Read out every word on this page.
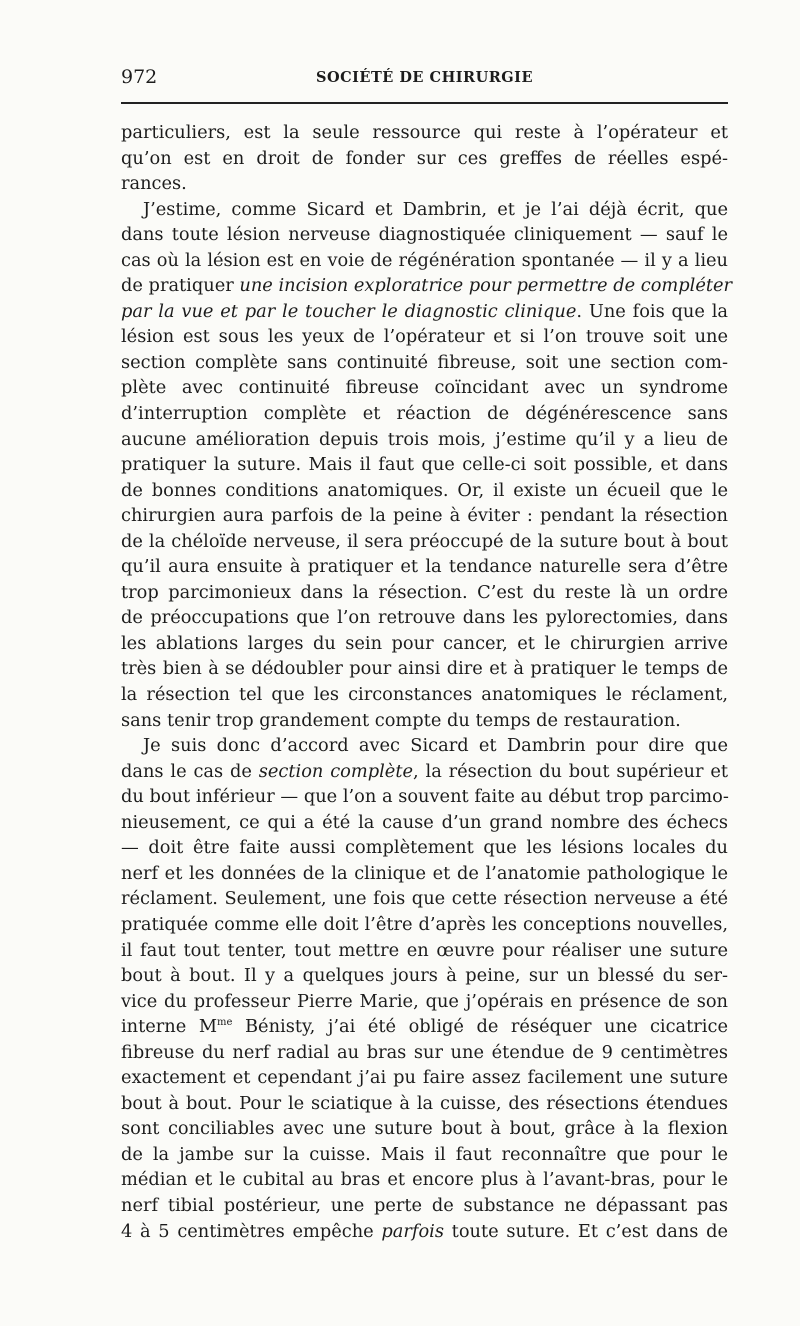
972	SOCIÉTÉ DE CHIRURGIE
particuliers, est la seule ressource qui reste à l’opérateur et
qu’on est en droit de fonder sur ces greffes de réelles espé-
rances.
J’estime, comme Sicard et Dambrin, et je l’ai déjà écrit, que
dans toute lésion nerveuse diagnostiquée cliniquement — sauf le
cas où la lésion est en voie de régénération spontanée — il y a lieu
de pratiquer une incision exploratrice pour permettre de compléter
par la vue et par le toucher le diagnostic clinique. Une fois que la
lésion est sous les yeux de l’opérateur et si l’on trouve soit une
section complète sans continuité fibreuse, soit une section com-
plète avec continuité fibreuse coïncidant avec un syndrome
d’interruption complète et réaction de dégénérescence sans
aucune amélioration depuis trois mois, j’estime qu’il y a lieu de
pratiquer la suture. Mais il faut que celle-ci soit possible, et dans
de bonnes conditions anatomiques. Or, il existe un écueil que le
chirurgien aura parfois de la peine à éviter : pendant la résection
de la chéloïde nerveuse, il sera préoccupé de la suture bout à bout
qu’il aura ensuite à pratiquer et la tendance naturelle sera d’être
trop parcimonieux dans la résection. C’est du reste là un ordre
de préoccupations que l’on retrouve dans les pylorectomies, dans
les ablations larges du sein pour cancer, et le chirurgien arrive
très bien à se dédoubler pour ainsi dire et à pratiquer le temps de
la résection tel que les circonstances anatomiques le réclament,
sans tenir trop grandement compte du temps de restauration.
Je suis donc d’accord avec Sicard et Dambrin pour dire que
dans le cas de section complète, la résection du bout supérieur et
du bout inférieur — que l’on a souvent faite au début trop parcimo-
nieusement, ce qui a été la cause d’un grand nombre des échecs
— doit être faite aussi complètement que les lésions locales du
nerf et les données de la clinique et de l’anatomie pathologique le
réclament. Seulement, une fois que cette résection nerveuse a été
pratiquée comme elle doit l’être d’après les conceptions nouvelles,
il faut tout tenter, tout mettre en œuvre pour réaliser une suture
bout à bout. Il y a quelques jours à peine, sur un blessé du ser-
vice du professeur Pierre Marie, que j’opérais en présence de son
interne $M^{me}$ Bénisty, j’ai été obligé de réséquer une cicatrice
fibreuse du nerf radial au bras sur une étendue de 9 centimètres
exactement et cependant j’ai pu faire assez facilement une suture
bout à bout. Pour le sciatique à la cuisse, des résections étendues
sont conciliables avec une suture bout à bout, grâce à la flexion
de la jambe sur la cuisse. Mais il faut reconnaître que pour le
médian et le cubital au bras et encore plus à l’avant-bras, pour le
nerf tibial postérieur, une perte de substance ne dépassant pas
4 à 5 centimètres empêche parfois toute suture. Et c’est dans de
